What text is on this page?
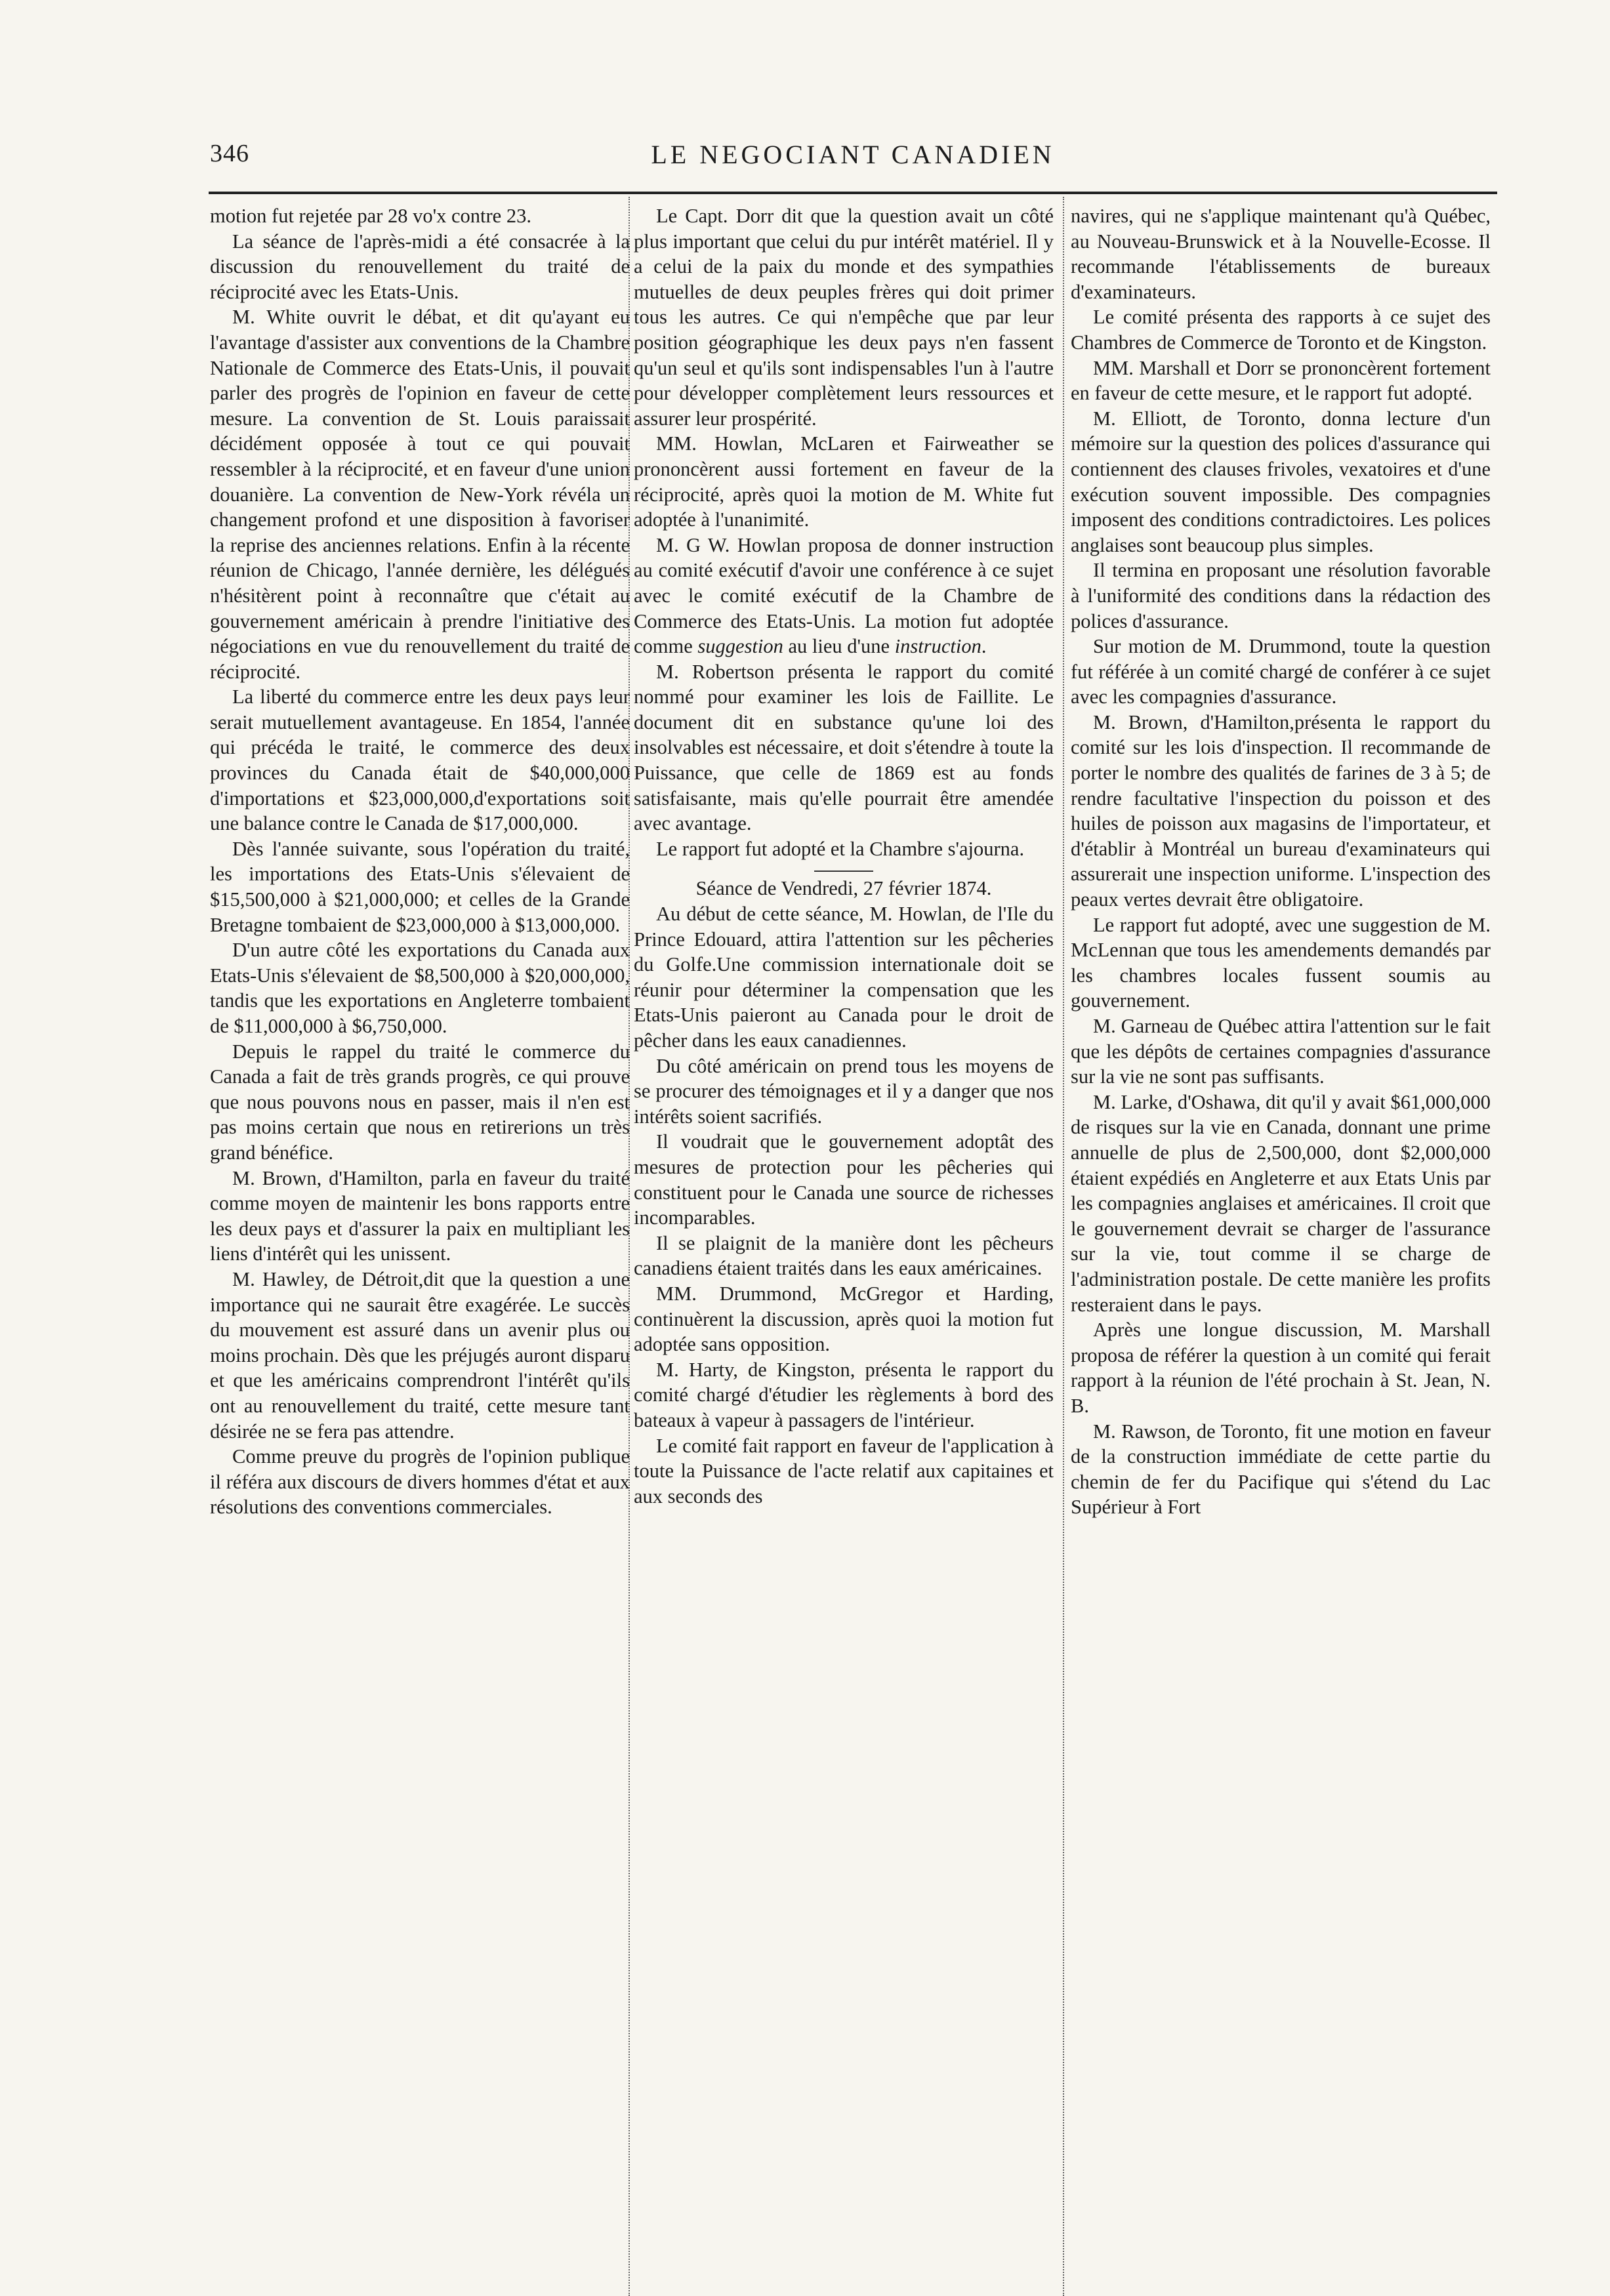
346	LE NEGOCIANT CANADIEN

motion fut rejetée par 28 vo'x contre 23.

La séance de l'après-midi a été consacrée à la discussion du renouvellement du traité de réciprocité avec les Etats-Unis.

M. White ouvrit le débat, et dit qu'ayant eu l'avantage d'assister aux conventions de la Chambre Nationale de Commerce des Etats-Unis, il pouvait parler des progrès de l'opinion en faveur de cette mesure. La convention de St. Louis paraissait décidément opposée à tout ce qui pouvait ressembler à la réciprocité, et en faveur d'une union douanière. La convention de New-York révéla un changement profond et une disposition à favoriser la reprise des anciennes relations. Enfin à la récente réunion de Chicago, l'année dernière, les délégués n'hésitèrent point à reconnaître que c'était au gouvernement américain à prendre l'initiative des négociations en vue du renouvellement du traité de réciprocité.

La liberté du commerce entre les deux pays leur serait mutuellement avantageuse. En 1854, l'année qui précéda le traité, le commerce des deux provinces du Canada était de $40,000,000 d'importations et $23,000,000,d'exportations soit une balance contre le Canada de $17,000,000.

Dès l'année suivante, sous l'opération du traité, les importations des Etats-Unis s'élevaient de $15,500,000 à $21,000,000; et celles de la Grande Bretagne tombaient de $23,000,000 à $13,000,000.

D'un autre côté les exportations du Canada aux Etats-Unis s'élevaient de $8,500,000 à $20,000,000, tandis que les exportations en Angleterre tombaient de $11,000,000 à $6,750,000.

Depuis le rappel du traité le commerce du Canada a fait de très grands progrès, ce qui prouve que nous pouvons nous en passer, mais il n'en est pas moins certain que nous en retirerions un très grand bénéfice.

M. Brown, d'Hamilton, parla en faveur du traité comme moyen de maintenir les bons rapports entre les deux pays et d'assurer la paix en multipliant les liens d'intérêt qui les unissent.

M. Hawley, de Détroit,dit que la question a une importance qui ne saurait être exagérée. Le succès du mouvement est assuré dans un avenir plus ou moins prochain. Dès que les préjugés auront disparu et que les américains comprendront l'intérêt qu'ils ont au renouvellement du traité, cette mesure tant désirée ne se fera pas attendre.

Comme preuve du progrès de l'opinion publique il référa aux discours de divers hommes d'état et aux résolutions des conventions commerciales.

Le Capt. Dorr dit que la question avait un côté plus important que celui du pur intérêt matériel. Il y a celui de la paix du monde et des sympathies mutuelles de deux peuples frères qui doit primer tous les autres. Ce qui n'empêche que par leur position géographique les deux pays n'en fassent qu'un seul et qu'ils sont indispensables l'un à l'autre pour développer complètement leurs ressources et assurer leur prospérité.

MM. Howlan, McLaren et Fairweather se prononcèrent aussi fortement en faveur de la réciprocité, après quoi la motion de M. White fut adoptée à l'unanimité.

M. G W. Howlan proposa de donner instruction au comité exécutif d'avoir une conférence à ce sujet avec le comité exécutif de la Chambre de Commerce des Etats-Unis. La motion fut adoptée comme suggestion au lieu d'une instruction.

M. Robertson présenta le rapport du comité nommé pour examiner les lois de Faillite. Le document dit en substance qu'une loi des insolvables est nécessaire, et doit s'étendre à toute la Puissance, que celle de 1869 est au fonds satisfaisante, mais qu'elle pourrait être amendée avec avantage.

Le rapport fut adopté et la Chambre s'ajourna.

Séance de Vendredi, 27 février 1874.

Au début de cette séance, M. Howlan, de l'Ile du Prince Edouard, attira l'attention sur les pêcheries du Golfe.Une commission internationale doit se réunir pour déterminer la compensation que les Etats-Unis paieront au Canada pour le droit de pêcher dans les eaux canadiennes.

Du côté américain on prend tous les moyens de se procurer des témoignages et il y a danger que nos intérêts soient sacrifiés.

Il voudrait que le gouvernement adoptât des mesures de protection pour les pêcheries qui constituent pour le Canada une source de richesses incomparables.

Il se plaignit de la manière dont les pêcheurs canadiens étaient traités dans les eaux américaines.

MM. Drummond, McGregor et Harding, continuèrent la discussion, après quoi la motion fut adoptée sans opposition.

M. Harty, de Kingston, présenta le rapport du comité chargé d'étudier les règlements à bord des bateaux à vapeur à passagers de l'intérieur.

Le comité fait rapport en faveur de l'application à toute la Puissance de l'acte relatif aux capitaines et aux seconds des

navires, qui ne s'applique maintenant qu'à Québec, au Nouveau-Brunswick et à la Nouvelle-Ecosse. Il recommande l'établissements de bureaux d'examinateurs.

Le comité présenta des rapports à ce sujet des Chambres de Commerce de Toronto et de Kingston.

MM. Marshall et Dorr se prononcèrent fortement en faveur de cette mesure, et le rapport fut adopté.

M. Elliott, de Toronto, donna lecture d'un mémoire sur la question des polices d'assurance qui contiennent des clauses frivoles, vexatoires et d'une exécution souvent impossible. Des compagnies imposent des conditions contradictoires. Les polices anglaises sont beaucoup plus simples.

Il termina en proposant une résolution favorable à l'uniformité des conditions dans la rédaction des polices d'assurance.

Sur motion de M. Drummond, toute la question fut référée à un comité chargé de conférer à ce sujet avec les compagnies d'assurance.

M. Brown, d'Hamilton,présenta le rapport du comité sur les lois d'inspection. Il recommande de porter le nombre des qualités de farines de 3 à 5; de rendre facultative l'inspection du poisson et des huiles de poisson aux magasins de l'importateur, et d'établir à Montréal un bureau d'examinateurs qui assurerait une inspection uniforme. L'inspection des peaux vertes devrait être obligatoire.

Le rapport fut adopté, avec une suggestion de M. McLennan que tous les amendements demandés par les chambres locales fussent soumis au gouvernement.

M. Garneau de Québec attira l'attention sur le fait que les dépôts de certaines compagnies d'assurance sur la vie ne sont pas suffisants.

M. Larke, d'Oshawa, dit qu'il y avait $61,000,000 de risques sur la vie en Canada, donnant une prime annuelle de plus de 2,500,000, dont $2,000,000 étaient expédiés en Angleterre et aux Etats Unis par les compagnies anglaises et américaines. Il croit que le gouvernement devrait se charger de l'assurance sur la vie, tout comme il se charge de l'administration postale. De cette manière les profits resteraient dans le pays.

Après une longue discussion, M. Marshall proposa de référer la question à un comité qui ferait rapport à la réunion de l'été prochain à St. Jean, N. B.

M. Rawson, de Toronto, fit une motion en faveur de la construction immédiate de cette partie du chemin de fer du Pacifique qui s'étend du Lac Supérieur à Fort
